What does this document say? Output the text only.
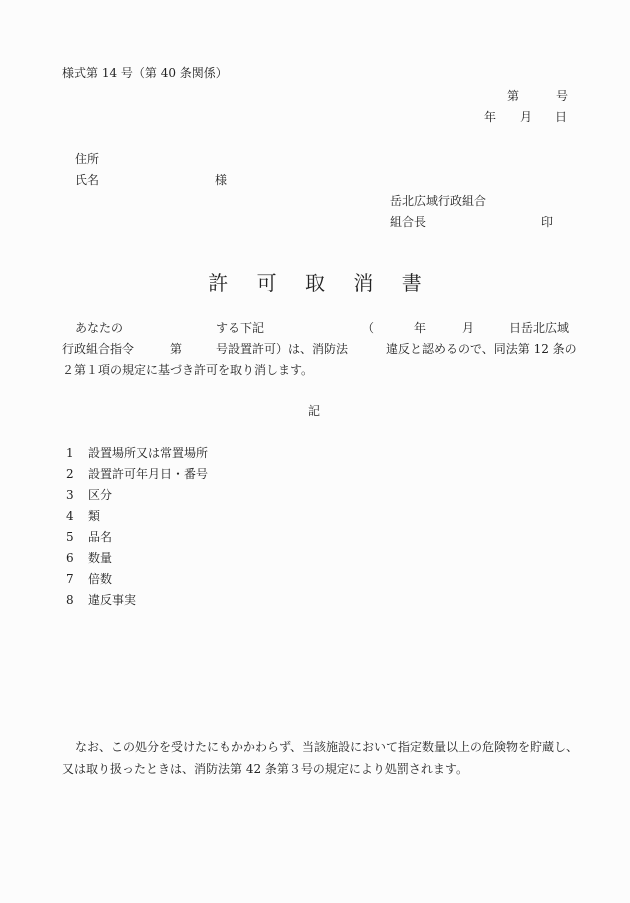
様式第 14 号（第 40 条関係）
第	号
年 月 日
住所
氏名	様
岳北広域行政組合
組合長	印
許 可 取 消 書
あなたの	する下記	（	年	月	日岳北広域
行政組合指令	第	号設置許可）は、消防法	違反と認めるので、同法第 12 条の
２第１項の規定に基づき許可を取り消します。
記
1 設置場所又は常置場所
2 設置許可年月日・番号
3 区分
4 類
5 品名
6 数量
7 倍数
8 違反事実
なお、この処分を受けたにもかかわらず、当該施設において指定数量以上の危険物を貯蔵し、
又は取り扱ったときは、消防法第 42 条第３号の規定により処罰されます。
